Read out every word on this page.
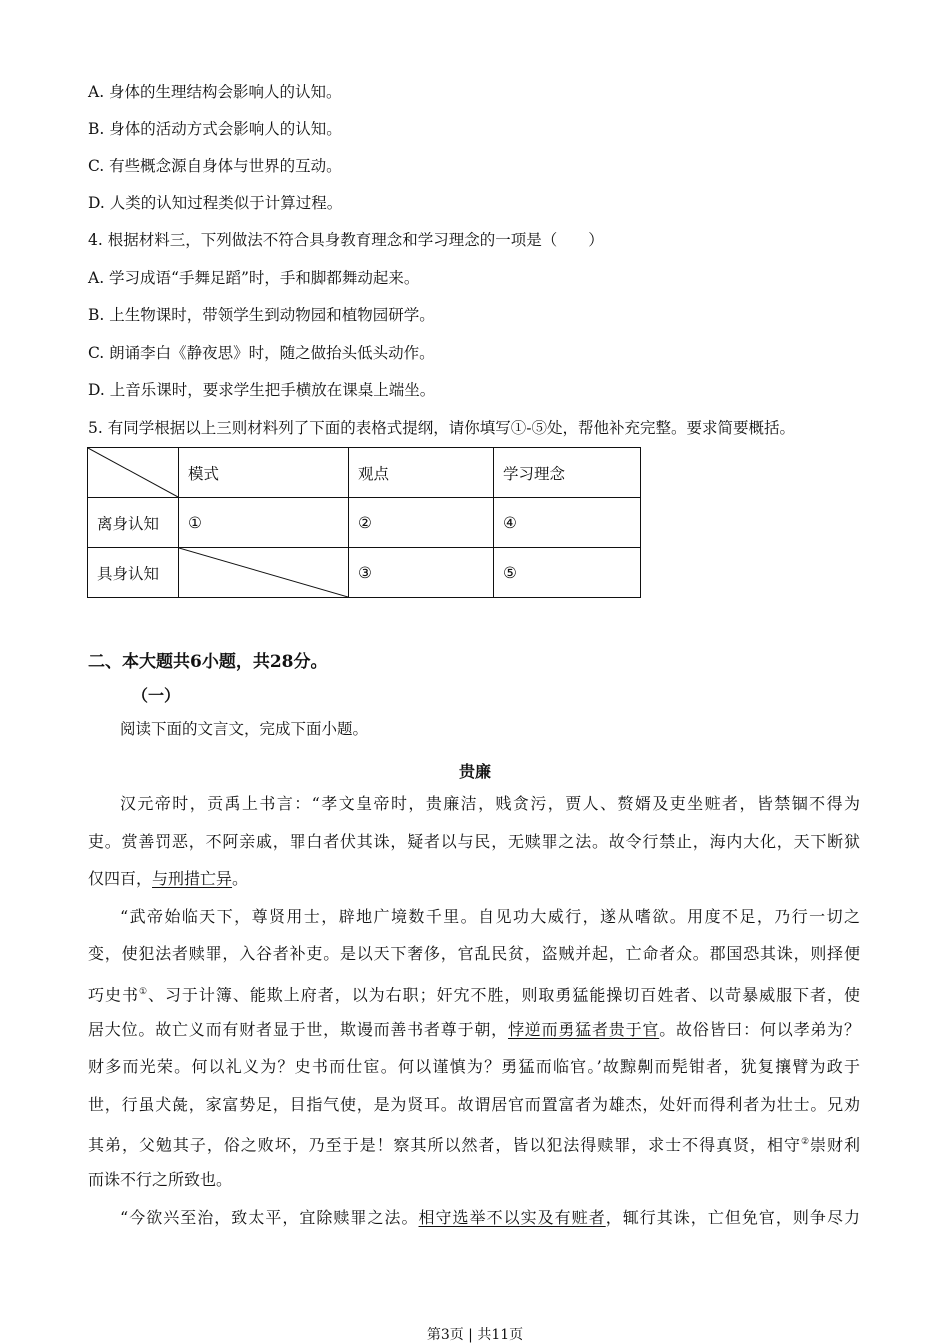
A. 身体的生理结构会影响人的认知。
B. 身体的活动方式会影响人的认知。
C. 有些概念源自身体与世界的互动。
D. 人类的认知过程类似于计算过程。
4. 根据材料三，下列做法不符合具身教育理念和学习理念的一项是（　　）
A. 学习成语“手舞足蹈”时，手和脚都舞动起来。
B. 上生物课时，带领学生到动物园和植物园研学。
C. 朗诵李白《静夜思》时，随之做抬头低头动作。
D. 上音乐课时，要求学生把手横放在课桌上端坐。
5. 有同学根据以上三则材料列了下面的表格式提纲，请你填写①-⑤处，帮他补充完整。要求简要概括。
	模式	观点	学习理念
离身认知	①	②	④
具身认知		③	⑤
二、本大题共6小题，共28分。
（一）
阅读下面的文言文，完成下面小题。
贵廉
汉元帝时，贡禹上书言：“孝文皇帝时，贵廉洁，贱贪污，贾人、赘婿及吏坐赃者，皆禁锢不得为
吏。赏善罚恶，不阿亲戚，罪白者伏其诛，疑者以与民，无赎罪之法。故令行禁止，海内大化，天下断狱
仅四百，与刑措亡异。
“武帝始临天下，尊贤用士，辟地广境数千里。自见功大威行，遂从嗜欲。用度不足，乃行一切之
变，使犯法者赎罪，入谷者补吏。是以天下奢侈，官乱民贫，盗贼并起，亡命者众。郡国恐其诛，则择便
巧史书①、习于计簿、能欺上府者，以为右职；奸宄不胜，则取勇猛能操切百姓者、以苛暴威服下者，使
居大位。故亡义而有财者显于世，欺谩而善书者尊于朝，悖逆而勇猛者贵于官。故俗皆曰：何以孝弟为？
财多而光荣。何以礼义为？史书而仕宦。何以谨慎为？勇猛而临官。’故黥劓而髡钳者，犹复攘臂为政于
世，行虽犬彘，家富势足，目指气使，是为贤耳。故谓居官而置富者为雄杰，处奸而得利者为壮士。兄劝
其弟，父勉其子，俗之败坏，乃至于是！察其所以然者，皆以犯法得赎罪，求士不得真贤，相守②崇财利
而诛不行之所致也。
“今欲兴至治，致太平，宜除赎罪之法。相守选举不以实及有赃者，辄行其诛，亡但免官，则争尽力
第3页 | 共11页
